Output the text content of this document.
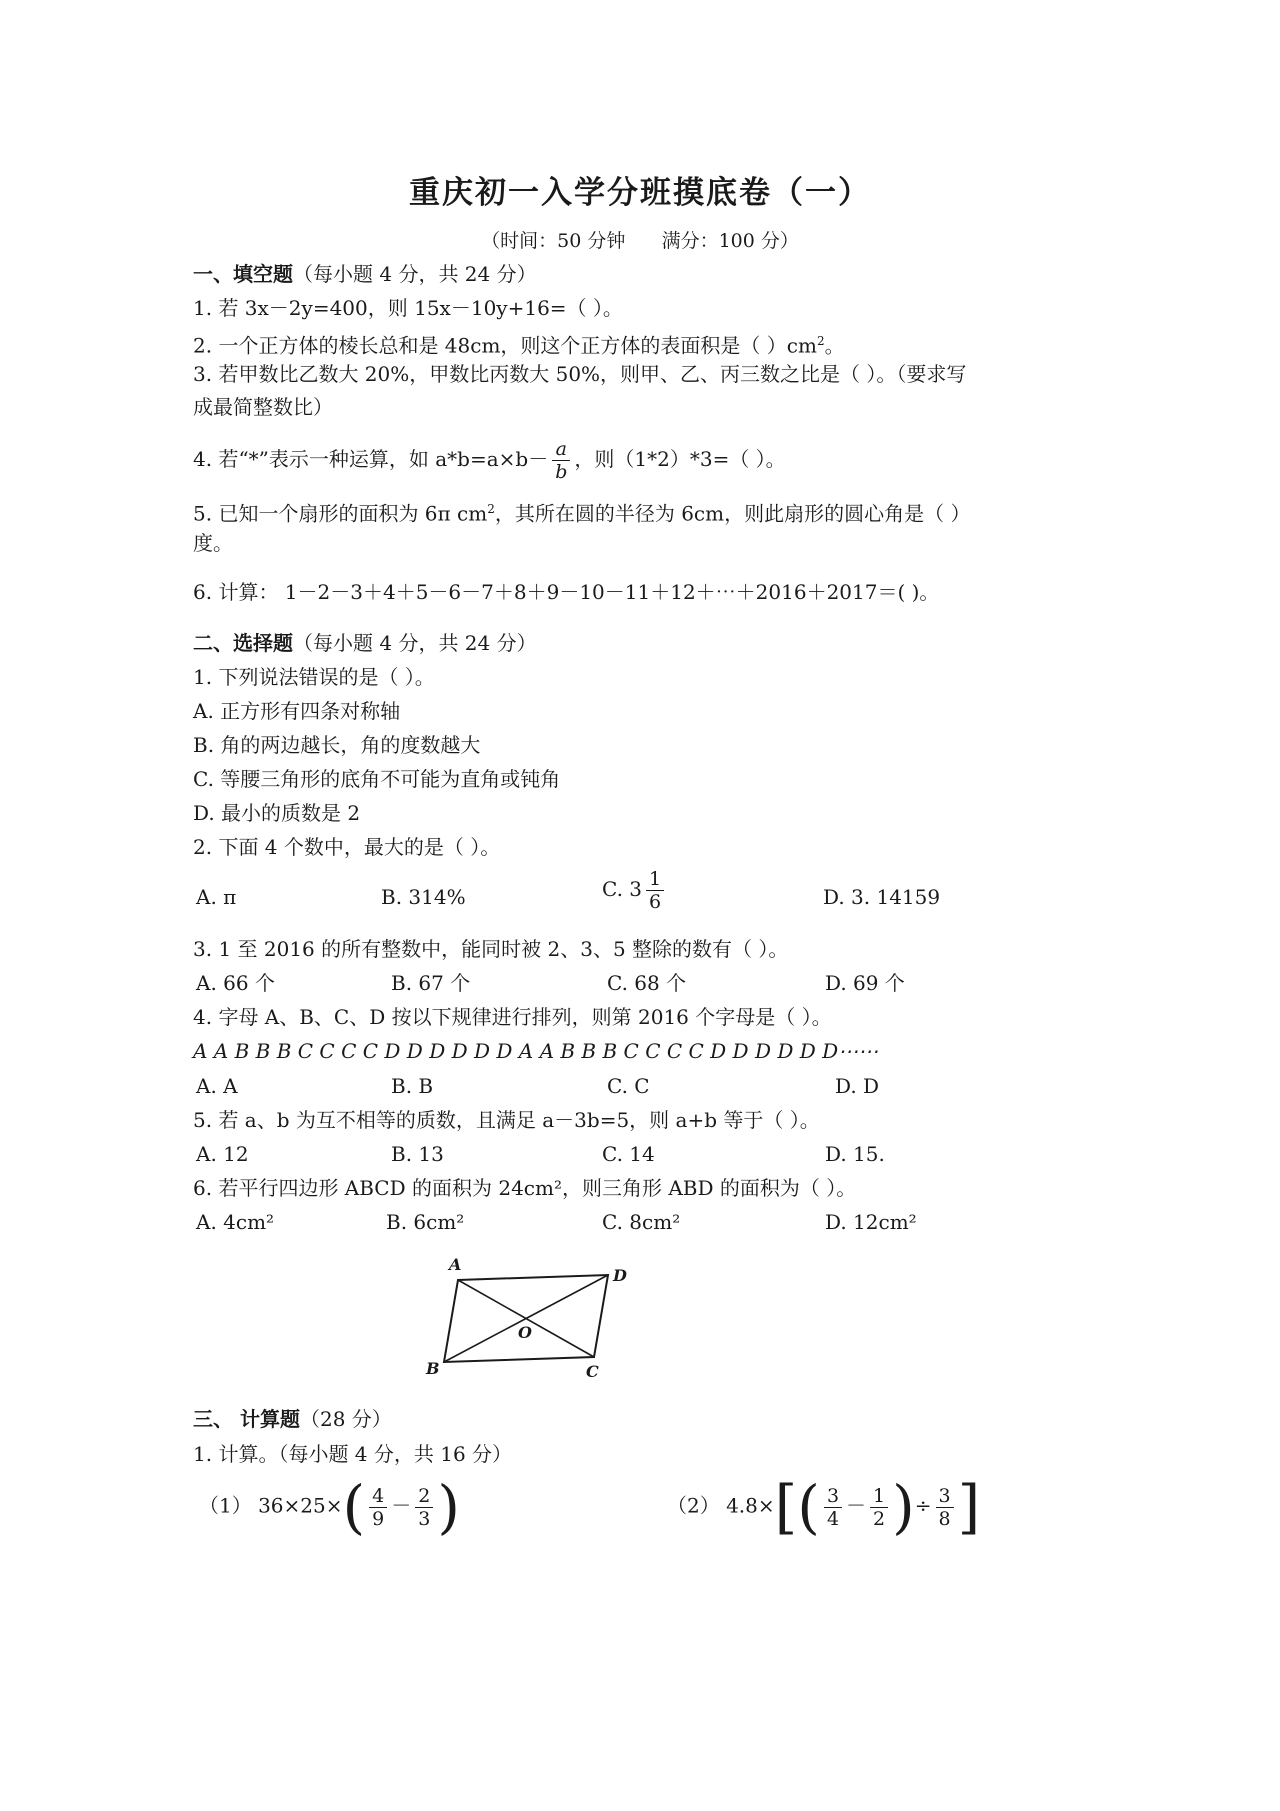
重庆初一入学分班摸底卷（一）
（时间：50 分钟      满分：100 分）
一、填空题（每小题 4 分，共 24 分）
1. 若 3x－2y=400，则 15x－10y+16=（ ）。
2. 一个正方体的棱长总和是 48cm，则这个正方体的表面积是（ ）$cm^2$。
3. 若甲数比乙数大 20%，甲数比丙数大 50%，则甲、乙、丙三数之比是（ ）。（要求写
成最简整数比）
4. 若“*”表示一种运算，如 $a*b=a\times b- \frac{a}{b}$ ，则（1*2）*3=（ ）。
5. 已知一个扇形的面积为 6π $cm^2$，其所在圆的半径为 6cm，则此扇形的圆心角是（ ）
度。
6. 计算： 1－2－3＋4＋5－6－7＋8＋9－10－11＋12＋⋯＋2016＋2017＝( )。
二、选择题（每小题 4 分，共 24 分）
1. 下列说法错误的是（ ）。
A. 正方形有四条对称轴
B. 角的两边越长，角的度数越大
C. 等腰三角形的底角不可能为直角或钝角
D. 最小的质数是 2
2. 下面 4 个数中，最大的是（ ）。
A. π	B. 314%	C. $3 \frac{1}{6}$	D. 3. 14159
3. 1 至 2016 的所有整数中，能同时被 2、3、5 整除的数有（ ）。
A. 66 个	B. 67 个	C. 68 个	D. 69 个
4. 字母 A、B、C、D 按以下规律进行排列，则第 2016 个字母是（ ）。
A A B B B C C C C D D D D D D A A B B B C C C C D D D D D D⋯⋯
A. A	B. B	C. C	D. D
5. 若 a、b 为互不相等的质数，且满足 a－3b=5，则 a+b 等于（ ）。
A. 12	B. 13	C. 14	D. 15.
6. 若平行四边形 ABCD 的面积为 24cm²，则三角形 ABD 的面积为（ ）。
A. 4cm²	B. 6cm²	C. 8cm²	D. 12cm²
A
D
B	C
O
三、 计算题（28 分）
1. 计算。（每小题 4 分，共 16 分）
（1） $36\times 25\times( \frac{4}{9} - \frac{2}{3}$ )	（2） $4.8\times[( \frac{3}{4} - \frac{1}{2}$ )÷ $\frac{3}{8}$ ]
